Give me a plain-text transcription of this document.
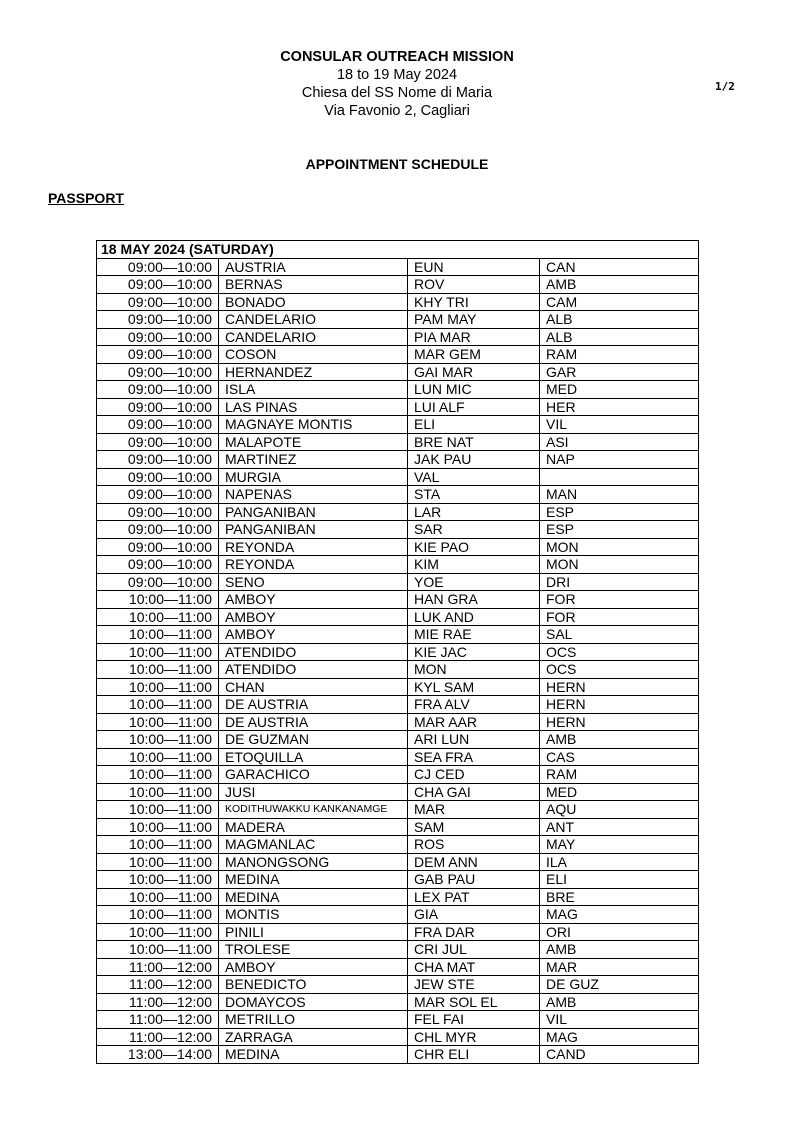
CONSULAR OUTREACH MISSION
18 to 19 May 2024
Chiesa del SS Nome di Maria
Via Favonio 2, Cagliari
1/2
APPOINTMENT SCHEDULE
PASSPORT
18 MAY 2024 (SATURDAY)			
09:00—10:00	AUSTRIA	EUN	CAN
09:00—10:00	BERNAS	ROV	AMB
09:00—10:00	BONADO	KHY TRI	CAM
09:00—10:00	CANDELARIO	PAM MAY	ALB
09:00—10:00	CANDELARIO	PIA MAR	ALB
09:00—10:00	COSON	MAR GEM	RAM
09:00—10:00	HERNANDEZ	GAI MAR	GAR
09:00—10:00	ISLA	LUN MIC	MED
09:00—10:00	LAS PINAS	LUI ALF	HER
09:00—10:00	MAGNAYE MONTIS	ELI	VIL
09:00—10:00	MALAPOTE	BRE NAT	ASI
09:00—10:00	MARTINEZ	JAK PAU	NAP
09:00—10:00	MURGIA	VAL	
09:00—10:00	NAPENAS	STA	MAN
09:00—10:00	PANGANIBAN	LAR	ESP
09:00—10:00	PANGANIBAN	SAR	ESP
09:00—10:00	REYONDA	KIE PAO	MON
09:00—10:00	REYONDA	KIM	MON
09:00—10:00	SENO	YOE	DRI
10:00—11:00	AMBOY	HAN GRA	FOR
10:00—11:00	AMBOY	LUK AND	FOR
10:00—11:00	AMBOY	MIE RAE	SAL
10:00—11:00	ATENDIDO	KIE JAC	OCS
10:00—11:00	ATENDIDO	MON	OCS
10:00—11:00	CHAN	KYL SAM	HERN
10:00—11:00	DE AUSTRIA	FRA ALV	HERN
10:00—11:00	DE AUSTRIA	MAR AAR	HERN
10:00—11:00	DE GUZMAN	ARI LUN	AMB
10:00—11:00	ETOQUILLA	SEA FRA	CAS
10:00—11:00	GARACHICO	CJ CED	RAM
10:00—11:00	JUSI	CHA GAI	MED
10:00—11:00	KODITHUWAKKU KANKANAMGE	MAR	AQU
10:00—11:00	MADERA	SAM	ANT
10:00—11:00	MAGMANLAC	ROS	MAY
10:00—11:00	MANONGSONG	DEM ANN	ILA
10:00—11:00	MEDINA	GAB PAU	ELI
10:00—11:00	MEDINA	LEX PAT	BRE
10:00—11:00	MONTIS	GIA	MAG
10:00—11:00	PINILI	FRA DAR	ORI
10:00—11:00	TROLESE	CRI JUL	AMB
11:00—12:00	AMBOY	CHA MAT	MAR
11:00—12:00	BENEDICTO	JEW STE	DE GUZ
11:00—12:00	DOMAYCOS	MAR SOL EL	AMB
11:00—12:00	METRILLO	FEL FAI	VIL
11:00—12:00	ZARRAGA	CHL MYR	MAG
13:00—14:00	MEDINA	CHR ELI	CAND
